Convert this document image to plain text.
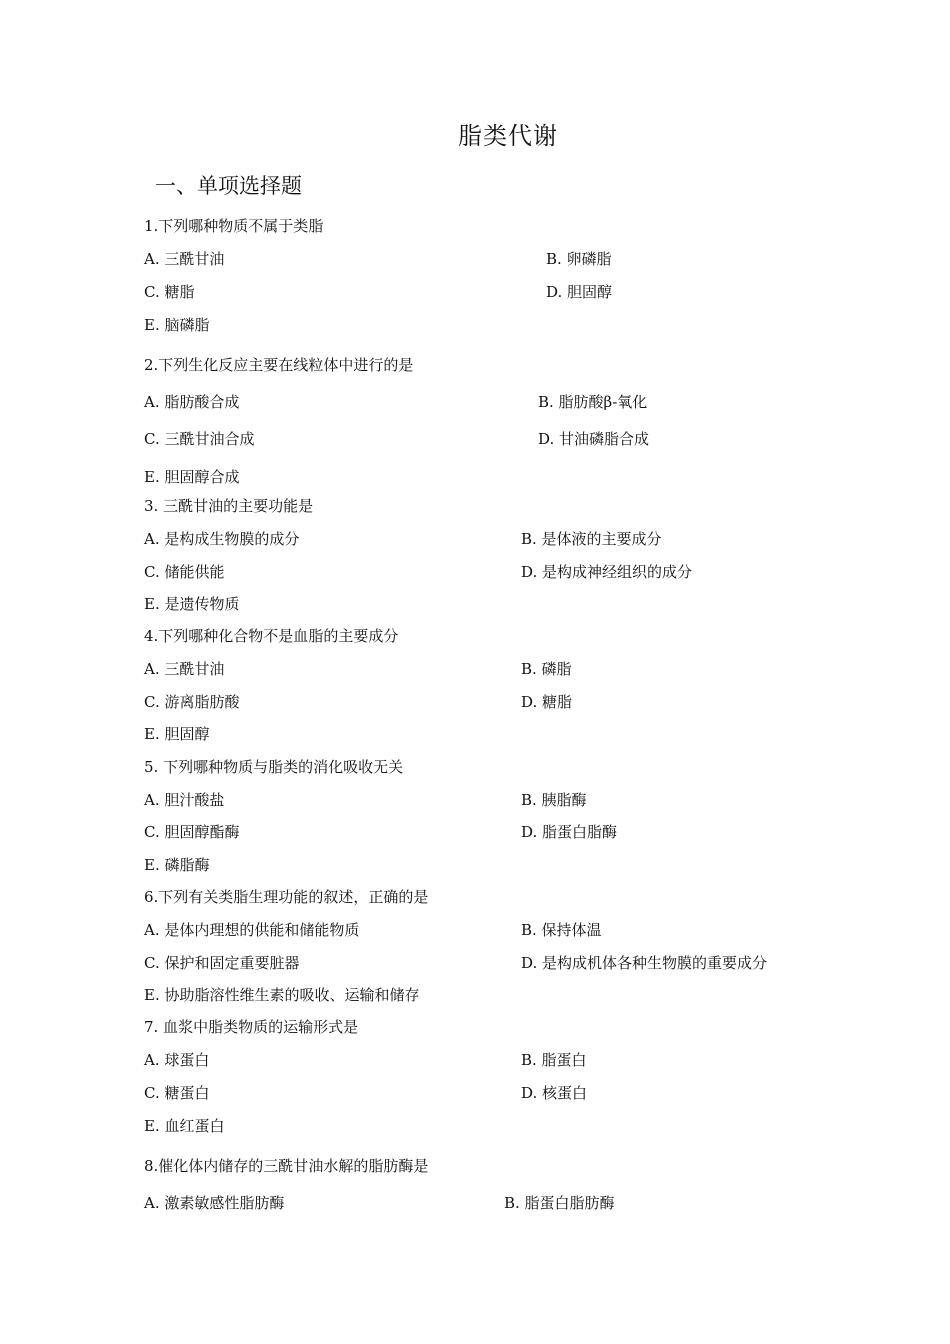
脂类代谢
一、单项选择题
1.下列哪种物质不属于类脂
A. 三酰甘油	B. 卵磷脂
C. 糖脂	D. 胆固醇
E. 脑磷脂
2.下列生化反应主要在线粒体中进行的是
A. 脂肪酸合成	B. 脂肪酸β-氧化
C. 三酰甘油合成	D. 甘油磷脂合成
E. 胆固醇合成
3. 三酰甘油的主要功能是
A. 是构成生物膜的成分	B. 是体液的主要成分
C. 储能供能	D. 是构成神经组织的成分
E. 是遗传物质
4.下列哪种化合物不是血脂的主要成分
A. 三酰甘油	B. 磷脂
C. 游离脂肪酸	D. 糖脂
E. 胆固醇
5. 下列哪种物质与脂类的消化吸收无关
A. 胆汁酸盐	B. 胰脂酶
C. 胆固醇酯酶	D. 脂蛋白脂酶
E. 磷脂酶
6.下列有关类脂生理功能的叙述，正确的是
A. 是体内理想的供能和储能物质	B. 保持体温
C. 保护和固定重要脏器	D. 是构成机体各种生物膜的重要成分
E. 协助脂溶性维生素的吸收、运输和储存
7. 血浆中脂类物质的运输形式是
A. 球蛋白	B. 脂蛋白
C. 糖蛋白	D. 核蛋白
E. 血红蛋白
8.催化体内储存的三酰甘油水解的脂肪酶是
A. 激素敏感性脂肪酶	B. 脂蛋白脂肪酶
